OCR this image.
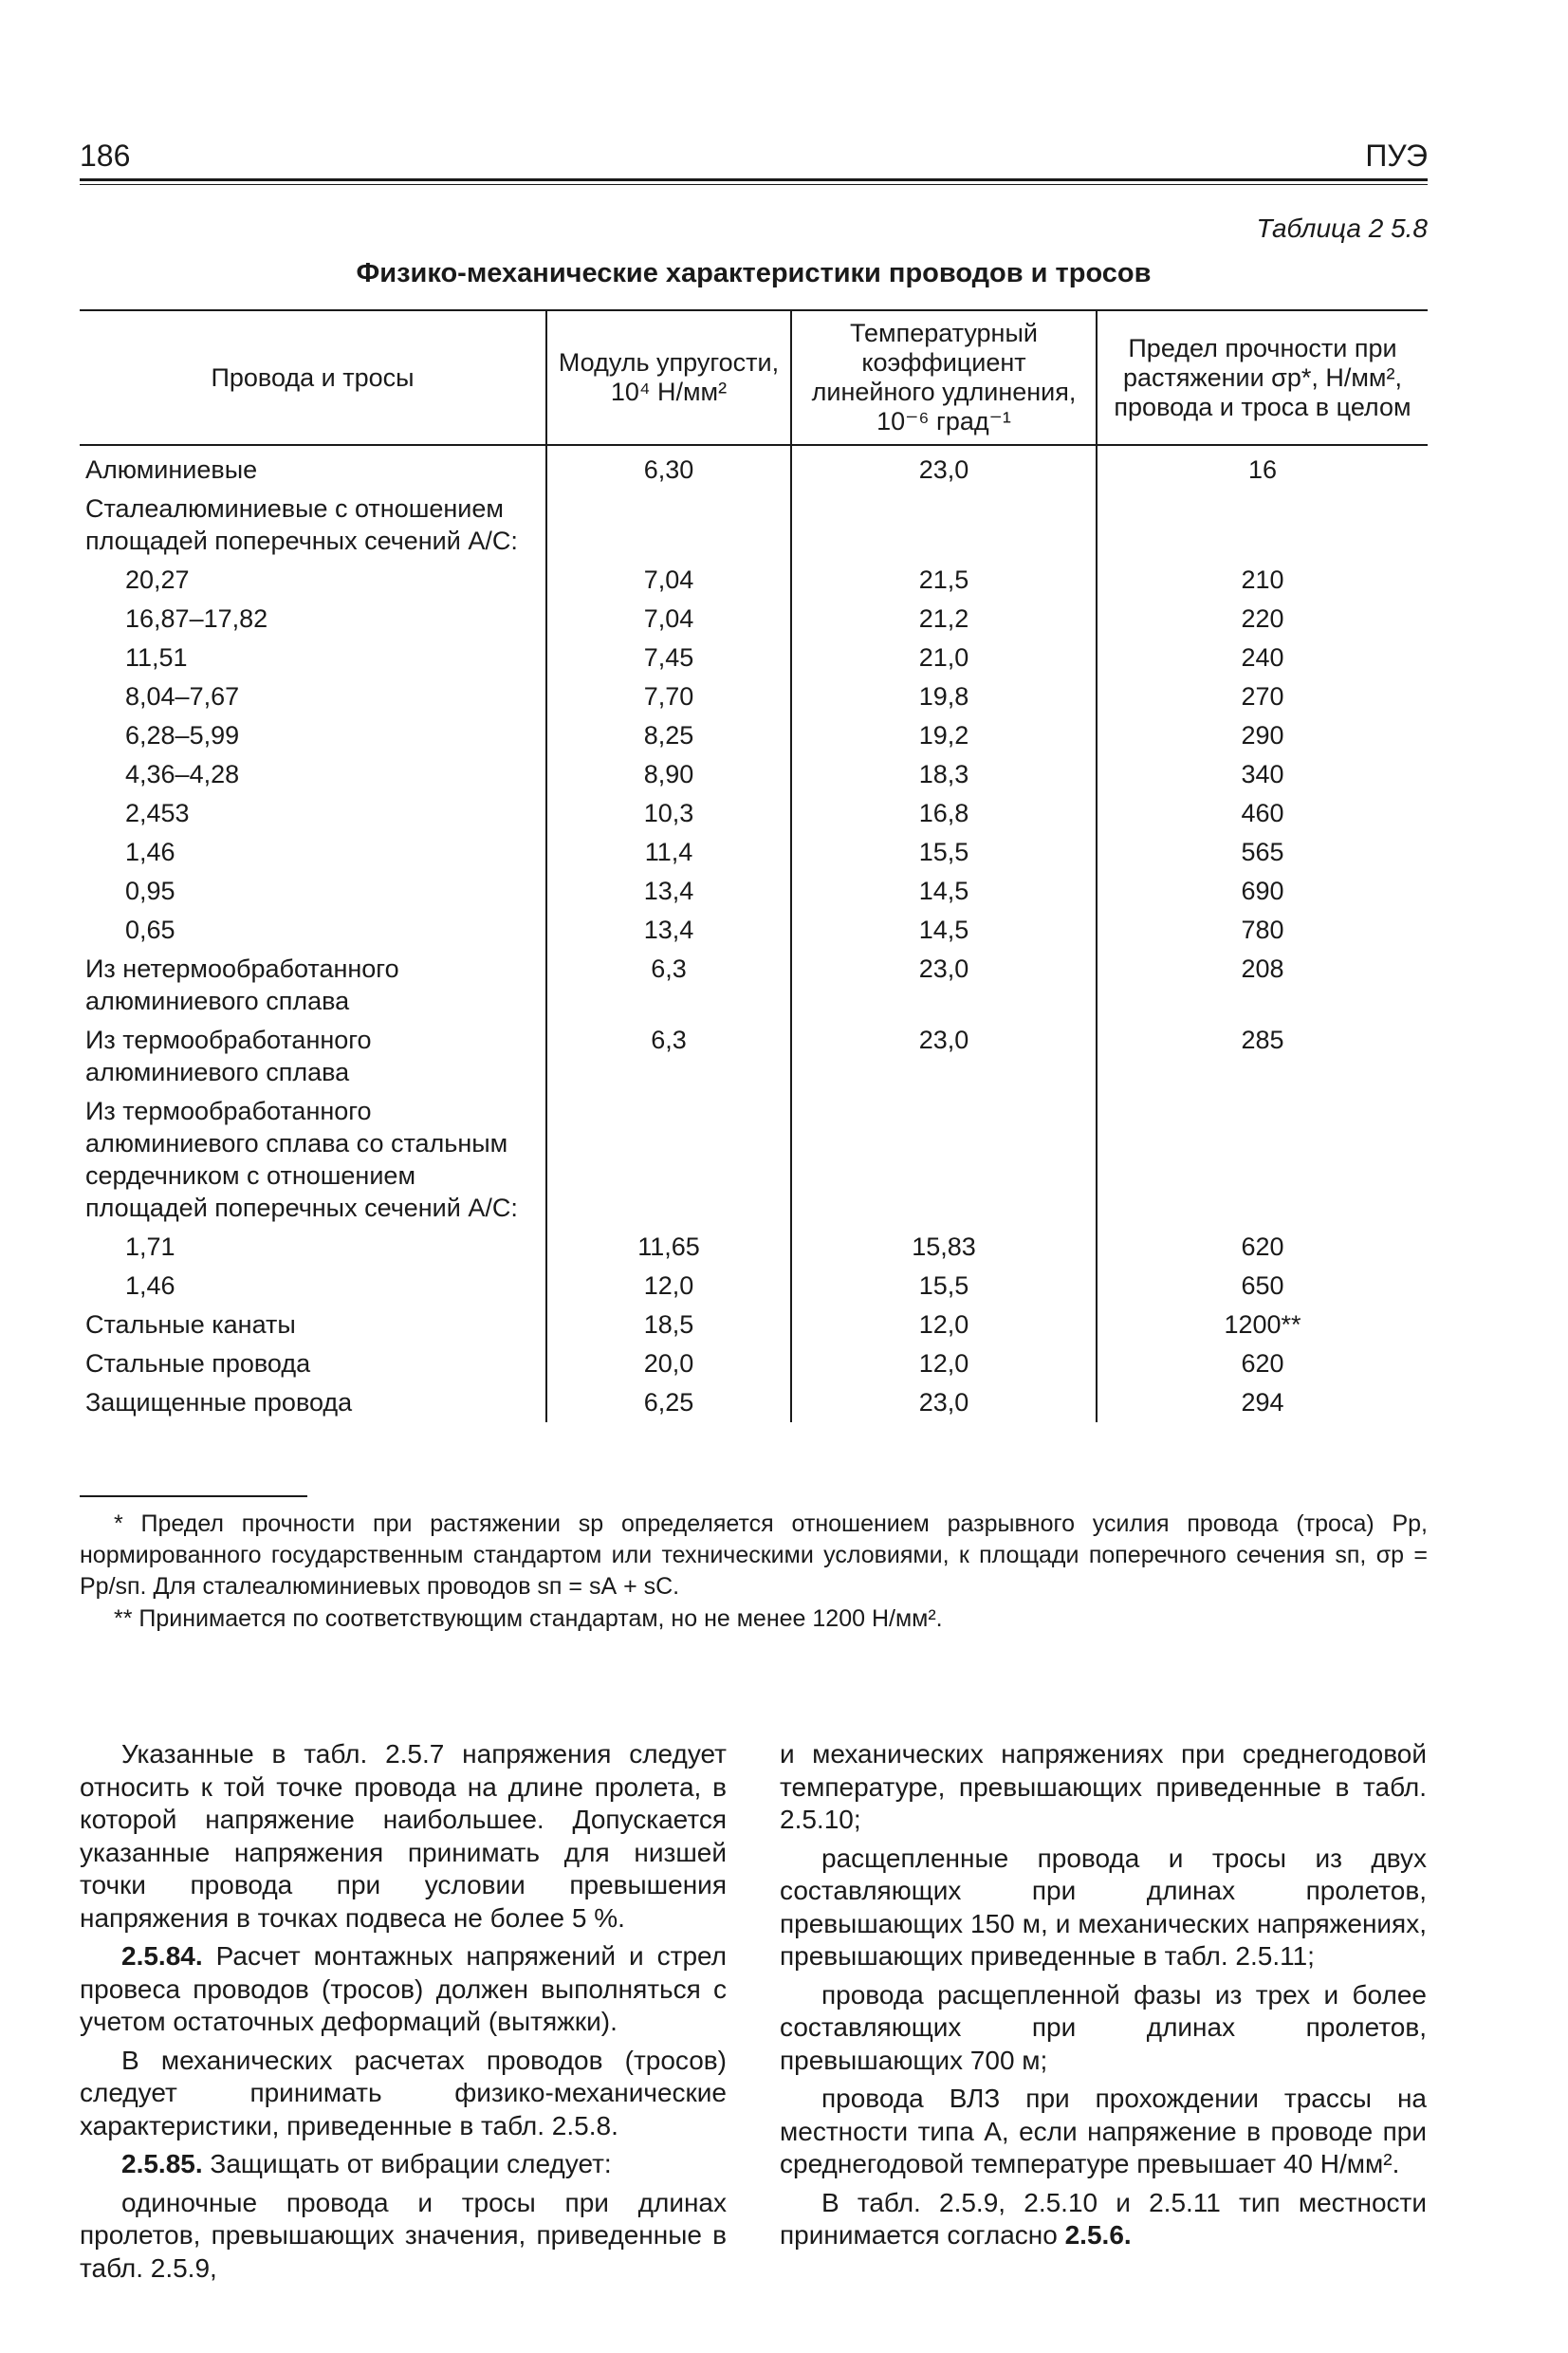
186	ПУЭ
Таблица 2 5.8
Физико-механические характеристики проводов и тросов
Провода и тросы	Модуль упругости, 10⁴ Н/мм²	Температурный коэффициент линейного удлинения, 10⁻⁶ град⁻¹	Предел прочности при растяжении σр*, Н/мм², провода и троса в целом
Алюминиевые	6,30	23,0	16
Сталеалюминиевые с отношением площадей поперечных сечений A/C:			
20,27	7,04	21,5	210
16,87–17,82	7,04	21,2	220
11,51	7,45	21,0	240
8,04–7,67	7,70	19,8	270
6,28–5,99	8,25	19,2	290
4,36–4,28	8,90	18,3	340
2,453	10,3	16,8	460
1,46	11,4	15,5	565
0,95	13,4	14,5	690
0,65	13,4	14,5	780
Из нетермообработанного алюминиевого сплава	6,3	23,0	208
Из термообработанного алюминиевого сплава	6,3	23,0	285
Из термообработанного алюминиевого сплава со стальным сердечником с отношением площадей поперечных сечений A/C:			
1,71	11,65	15,83	620
1,46	12,0	15,5	650
Стальные канаты	18,5	12,0	1200**
Стальные провода	20,0	12,0	620
Защищенные провода	6,25	23,0	294
* Предел прочности при растяжении sр определяется отношением разрывного усилия провода (троса) Pр, нормированного государственным стандартом или техническими условиями, к площади поперечного сечения sп, σр = Pр/sп. Для сталеалюминиевых проводов sп = sА + sС.
** Принимается по соответствующим стандартам, но не менее 1200 Н/мм².

Указанные в табл. 2.5.7 напряжения следует относить к той точке провода на длине пролета, в которой напряжение наибольшее. Допускается указанные напряжения принимать для низшей точки провода при условии превышения напряжения в точках подвеса не более 5 %.

2.5.84. Расчет монтажных напряжений и стрел провеса проводов (тросов) должен выполняться с учетом остаточных деформаций (вытяжки).

В механических расчетах проводов (тросов) следует принимать физико-механические характеристики, приведенные в табл. 2.5.8.

2.5.85. Защищать от вибрации следует:

одиночные провода и тросы при длинах пролетов, превышающих значения, приведенные в табл. 2.5.9,

и механических напряжениях при среднегодовой температуре, превышающих приведенные в табл. 2.5.10;

расщепленные провода и тросы из двух составляющих при длинах пролетов, превышающих 150 м, и механических напряжениях, превышающих приведенные в табл. 2.5.11;

провода расщепленной фазы из трех и более составляющих при длинах пролетов, превышающих 700 м;

провода ВЛЗ при прохождении трассы на местности типа А, если напряжение в проводе при среднегодовой температуре превышает 40 Н/мм².

В табл. 2.5.9, 2.5.10 и 2.5.11 тип местности принимается согласно 2.5.6.
